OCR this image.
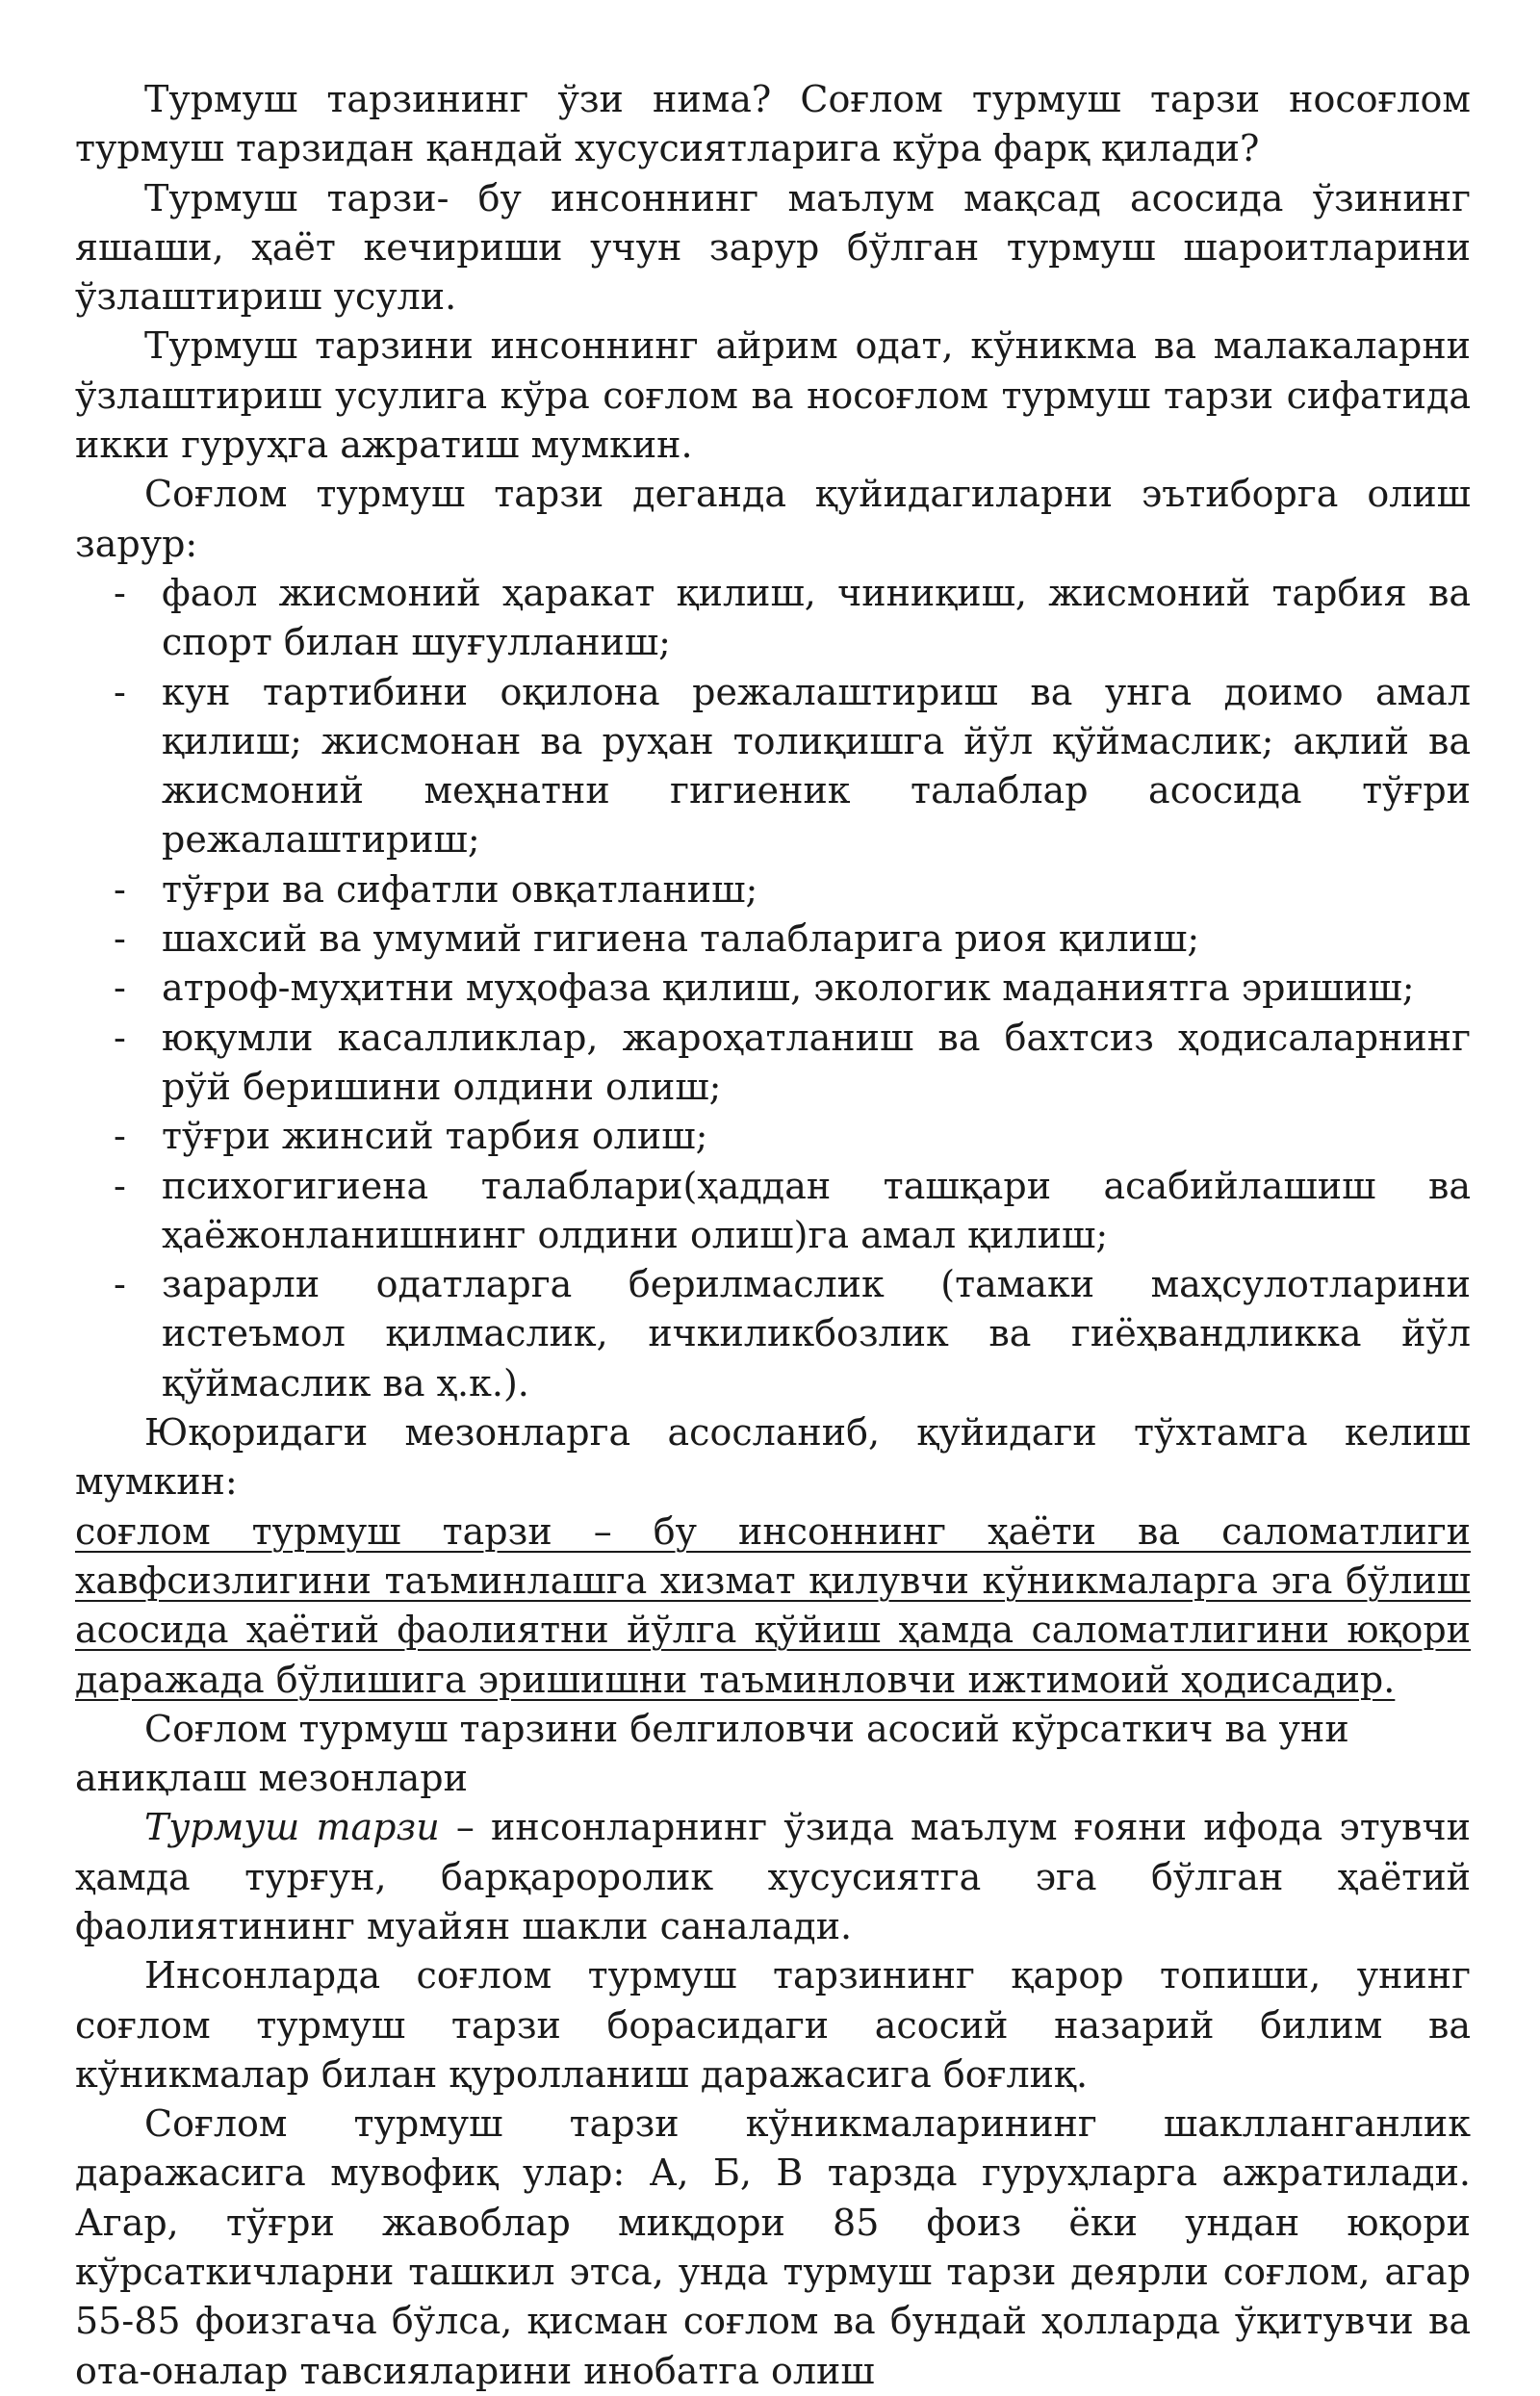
Турмуш тарзининг ўзи нима? Соғлом турмуш тарзи носоғлом турмуш тарзидан қандай хусусиятларига кўра фарқ қилади?

Турмуш тарзи- бу инсоннинг маълум мақсад асосида ўзининг яшаши, ҳаёт кечириши учун зарур бўлган турмуш шароитларини ўзлаштириш усули.

Турмуш тарзини инсоннинг айрим одат, кўникма ва малакаларни ўзлаштириш усулига кўра соғлом ва носоғлом турмуш тарзи сифатида икки гуруҳга ажратиш мумкин.

Соғлом турмуш тарзи деганда қуйидагиларни эътиборга олиш зарур:

- фаол жисмоний ҳаракат қилиш, чиниқиш, жисмоний тарбия ва спорт билан шуғулланиш;
- кун тартибини оқилона режалаштириш ва унга доимо амал қилиш; жисмонан ва руҳан толиқишга йўл қўймаслик; ақлий ва жисмоний меҳнатни гигиеник талаблар асосида тўғри режалаштириш;
- тўғри ва сифатли овқатланиш;
- шахсий ва умумий гигиена талабларига риоя қилиш;
- атроф-муҳитни муҳофаза қилиш, экологик маданиятга эришиш;
- юқумли касалликлар, жароҳатланиш ва бахтсиз ҳодисаларнинг рўй беришини олдини олиш;
- тўғри жинсий тарбия олиш;
- психогигиена талаблари(ҳаддан ташқари асабийлашиш ва ҳаёжонланишнинг олдини олиш)га амал қилиш;
- зарарли одатларга берилмаслик (тамаки маҳсулотларини истеъмол қилмаслик, ичкиликбозлик ва гиёҳвандликка йўл қўймаслик ва ҳ.к.).

Юқоридаги мезонларга асосланиб, қуйидаги тўхтамга келиш мумкин:

соғлом турмуш тарзи – бу инсоннинг ҳаёти ва саломатлиги хавфсизлигини таъминлашга хизмат қилувчи кўникмаларга эга бўлиш асосида ҳаётий фаолиятни йўлга қўйиш ҳамда саломатлигини юқори даражада бўлишига эришишни таъминловчи ижтимоий ҳодисадир.

Соғлом турмуш тарзини белгиловчи асосий кўрсаткич ва уни
аниқлаш мезонлари

Турмуш тарзи – инсонларнинг ўзида маълум ғояни ифода этувчи ҳамда турғун, барқароролик хусусиятга эга бўлган ҳаётий фаолиятининг муайян шакли саналади.

Инсонларда соғлом турмуш тарзининг қарор топиши, унинг соғлом турмуш тарзи борасидаги асосий назарий билим ва кўникмалар билан қуролланиш даражасига боғлиқ.

Соғлом турмуш тарзи кўникмаларининг шаклланганлик даражасига мувофиқ улар: А, Б, В тарзда гуруҳларга ажратилади. Агар, тўғри жавоблар миқдори 85 фоиз ёки ундан юқори кўрсаткичларни ташкил этса, унда турмуш тарзи деярли соғлом, агар 55-85 фоизгача бўлса, қисман соғлом ва бундай ҳолларда ўқитувчи ва ота-оналар тавсияларини инобатга олиш
